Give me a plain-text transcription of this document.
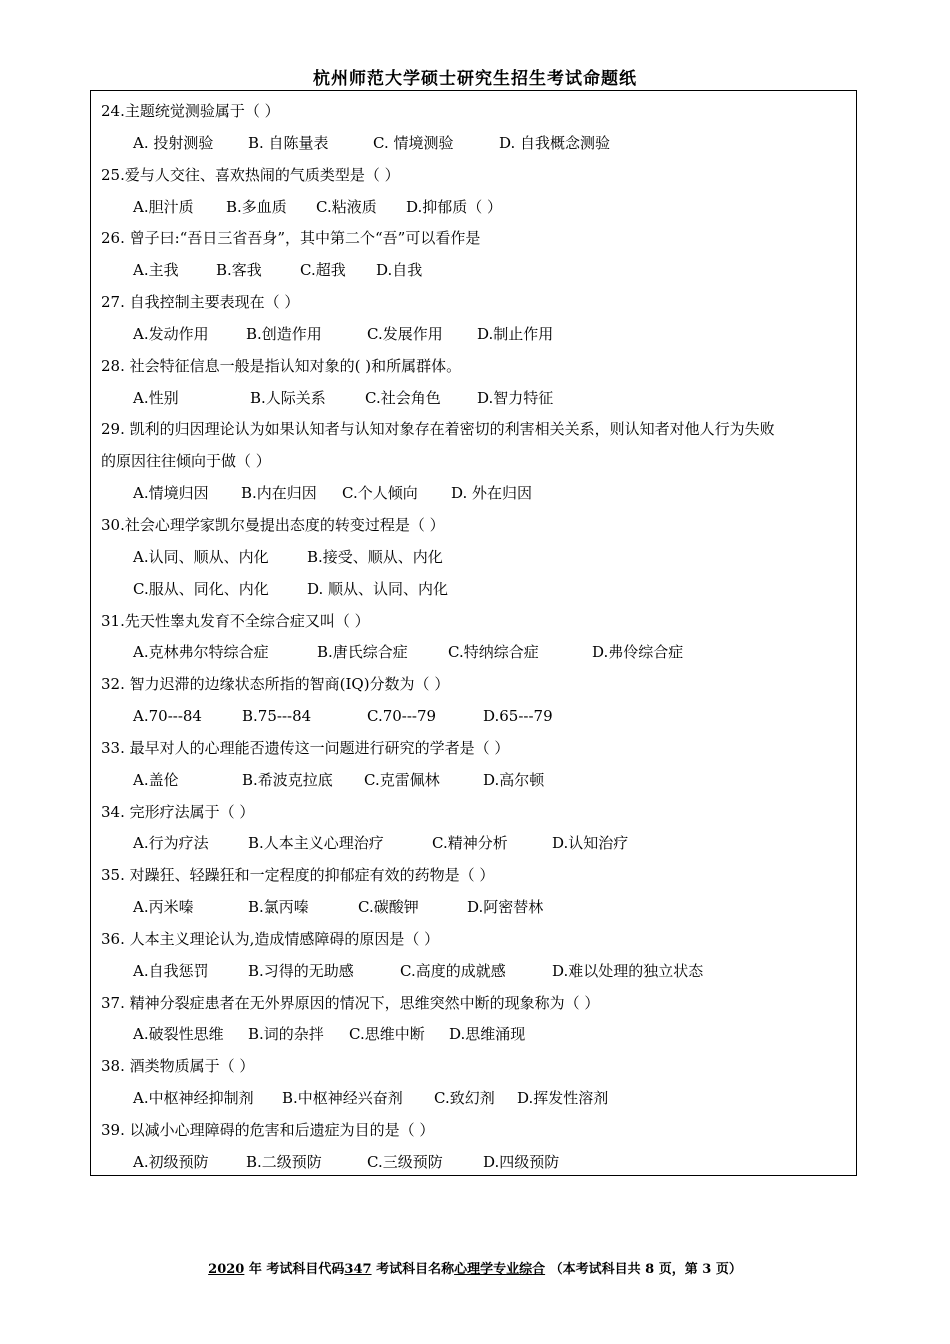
杭州师范大学硕士研究生招生考试命题纸
24.主题统觉测验属于（ ）
A. 投射测验 B. 自陈量表	C. 情境测验	D. 自我概念测验
25.爱与人交往、喜欢热闹的气质类型是（ ）
A.胆汁质 B.多血质 C.粘液质 D.抑郁质（ ）
26. 曾子曰:“吾日三省吾身”，其中第二个“吾”可以看作是
A.主我 B.客我	C.超我 D.自我
27. 自我控制主要表现在（ ）
A.发动作用 B.创造作用	C.发展作用 D.制止作用
28. 社会特征信息一般是指认知对象的( )和所属群体。
A.性别	B.人际关系	C.社会角色 D.智力特征
29. 凯利的归因理论认为如果认知者与认知对象存在着密切的利害相关关系，则认知者对他人行为失败
的原因往往倾向于做（ ）
A.情境归因 B.内在归因 C.个人倾向 D. 外在归因
30.社会心理学家凯尔曼提出态度的转变过程是（ ）
A.认同、顺从、内化	B.接受、顺从、内化
C.服从、同化、内化	D. 顺从、认同、内化
31.先天性睾丸发育不全综合症又叫（ ）
A.克林弗尔特综合症	B.唐氏综合症	C.特纳综合症	D.弗伶综合症
32. 智力迟滞的边缘状态所指的智商(IQ)分数为（ ）
A.70---84	B.75---84	C.70---79	D.65---79
33. 最早对人的心理能否遗传这一问题进行研究的学者是（ ）
A.盖伦	B.希波克拉底 C.克雷佩林	D.高尔顿
34. 完形疗法属于（ ）
A.行为疗法	B.人本主义心理治疗	C.精神分析	D.认知治疗
35. 对躁狂、轻躁狂和一定程度的抑郁症有效的药物是（ ）
A.丙米嗪	B.氯丙嗪	C.碳酸钾	D.阿密替林
36. 人本主义理论认为,造成情感障碍的原因是（ ）
A.自我惩罚	B.习得的无助感	C.高度的成就感	D.难以处理的独立状态
37. 精神分裂症患者在无外界原因的情况下，思维突然中断的现象称为（ ）
A.破裂性思维 B.词的杂拌 C.思维中断 D.思维涌现
38. 酒类物质属于（ ）
A.中枢神经抑制剂 B.中枢神经兴奋剂 C.致幻剂 D.挥发性溶剂
39. 以减小心理障碍的危害和后遗症为目的是（ ）
A.初级预防 B.二级预防	C.三级预防	D.四级预防
2020 年 考试科目代码347 考试科目名称心理学专业综合 （本考试科目共 8 页，第 3 页）
